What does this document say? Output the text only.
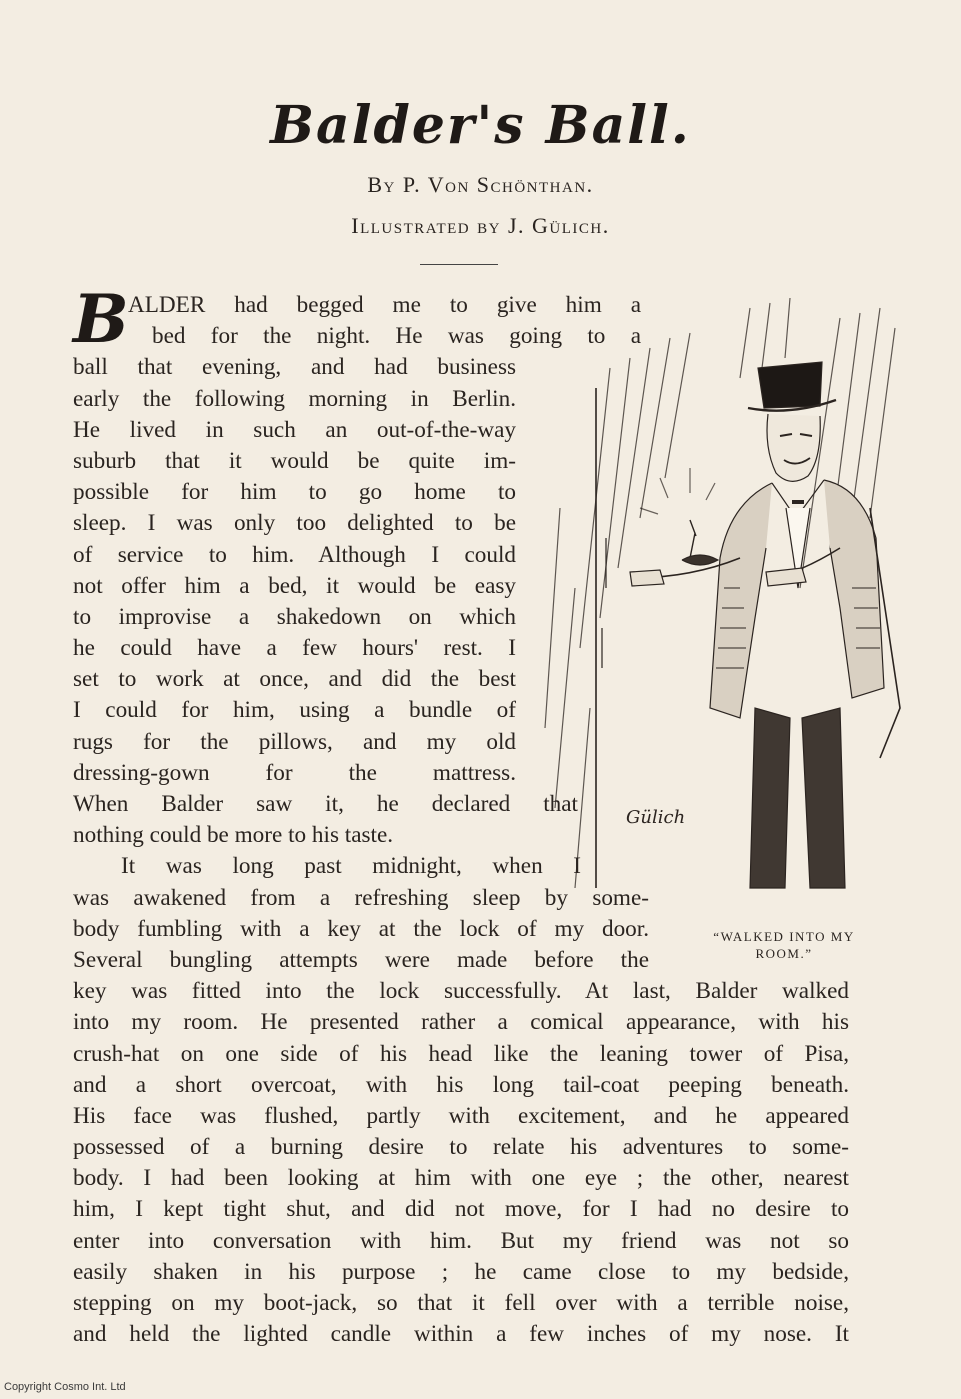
Balder's Ball.
By P. Von Schönthan.
Illustrated by J. Gülich.
B ALDER had begged me to give him a
bed for the night. He was going to a
ball that evening, and had business
early the following morning in Berlin.
He lived in such an out-of-the-way
suburb that it would be quite im-
possible for him to go home to
sleep. I was only too delighted to be
of service to him. Although I could
not offer him a bed, it would be easy
to improvise a shakedown on which
he could have a few hours' rest. I
set to work at once, and did the best
I could for him, using a bundle of
rugs for the pillows, and my old
dressing-gown for the mattress.
When Balder saw it, he declared that
nothing could be more to his taste.
It was long past midnight, when I
was awakened from a refreshing sleep by some-
body fumbling with a key at the lock of my door.
Several bungling attempts were made before the
key was fitted into the lock successfully. At last, Balder walked
into my room. He presented rather a comical appearance, with his
crush-hat on one side of his head like the leaning tower of Pisa,
and a short overcoat, with his long tail-coat peeping beneath.
His face was flushed, partly with excitement, and he appeared
possessed of a burning desire to relate his adventures to some-
body. I had been looking at him with one eye ; the other, nearest
him, I kept tight shut, and did not move, for I had no desire to
enter into conversation with him. But my friend was not so
easily shaken in his purpose ; he came close to my bedside,
stepping on my boot-jack, so that it fell over with a terrible noise,
and held the lighted candle within a few inches of my nose. It
Gülich
“WALKED INTO MY
ROOM.”
Copyright Cosmo Int. Ltd
